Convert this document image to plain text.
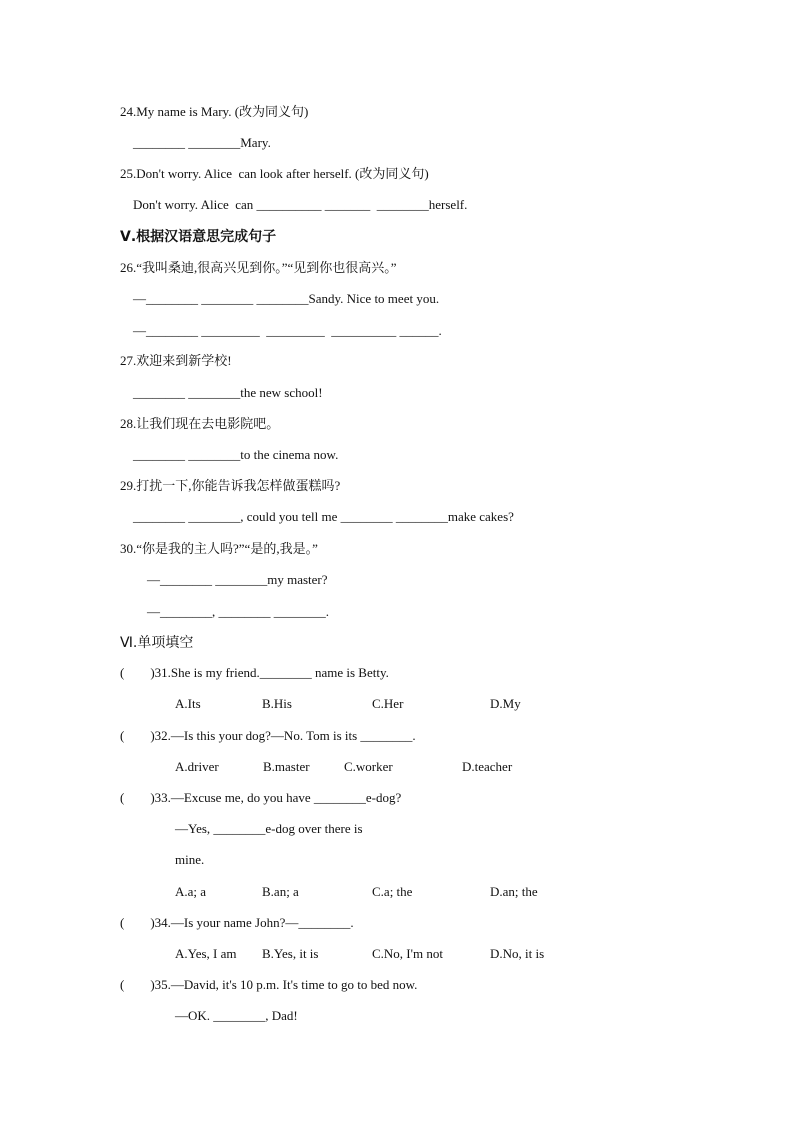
24.My name is Mary. (改为同义句)
________ ________Mary.
25.Don't worry. Alice  can look after herself. (改为同义句)
Don't worry. Alice  can __________ _______  ________herself.
Ⅴ.根据汉语意思完成句子
26.“我叫桑迪,很高兴见到你。”“见到你也很高兴。”
—________ ________ ________Sandy. Nice to meet you.
—________ _________  _________  __________ ______.
27.欢迎来到新学校!
________ ________the new school!
28.让我们现在去电影院吧。
________ ________to the cinema now.
29.打扰一下,你能告诉我怎样做蛋糕吗?
________ ________, could you tell me ________ ________make cakes?
30.“你是我的主人吗?”“是的,我是。”
—________ ________my master?
—________, ________ ________.
Ⅵ.单项填空
(        )31.She is my friend.________ name is Betty.
A.Its	B.His	C.Her	D.My
(        )32.—Is this your dog?—No. Tom is its ________.
A.driver	B.master	C.worker	D.teacher
(        )33.—Excuse me, do you have ________e-dog?
—Yes, ________e-dog over there is
mine.
A.a; a	B.an; a	C.a; the	D.an; the
(        )34.—Is your name John?—________.
A.Yes, I am B.Yes, it is	C.No, I'm not	D.No, it is
(        )35.—David, it's 10 p.m. It's time to go to bed now.
—OK. ________, Dad!
